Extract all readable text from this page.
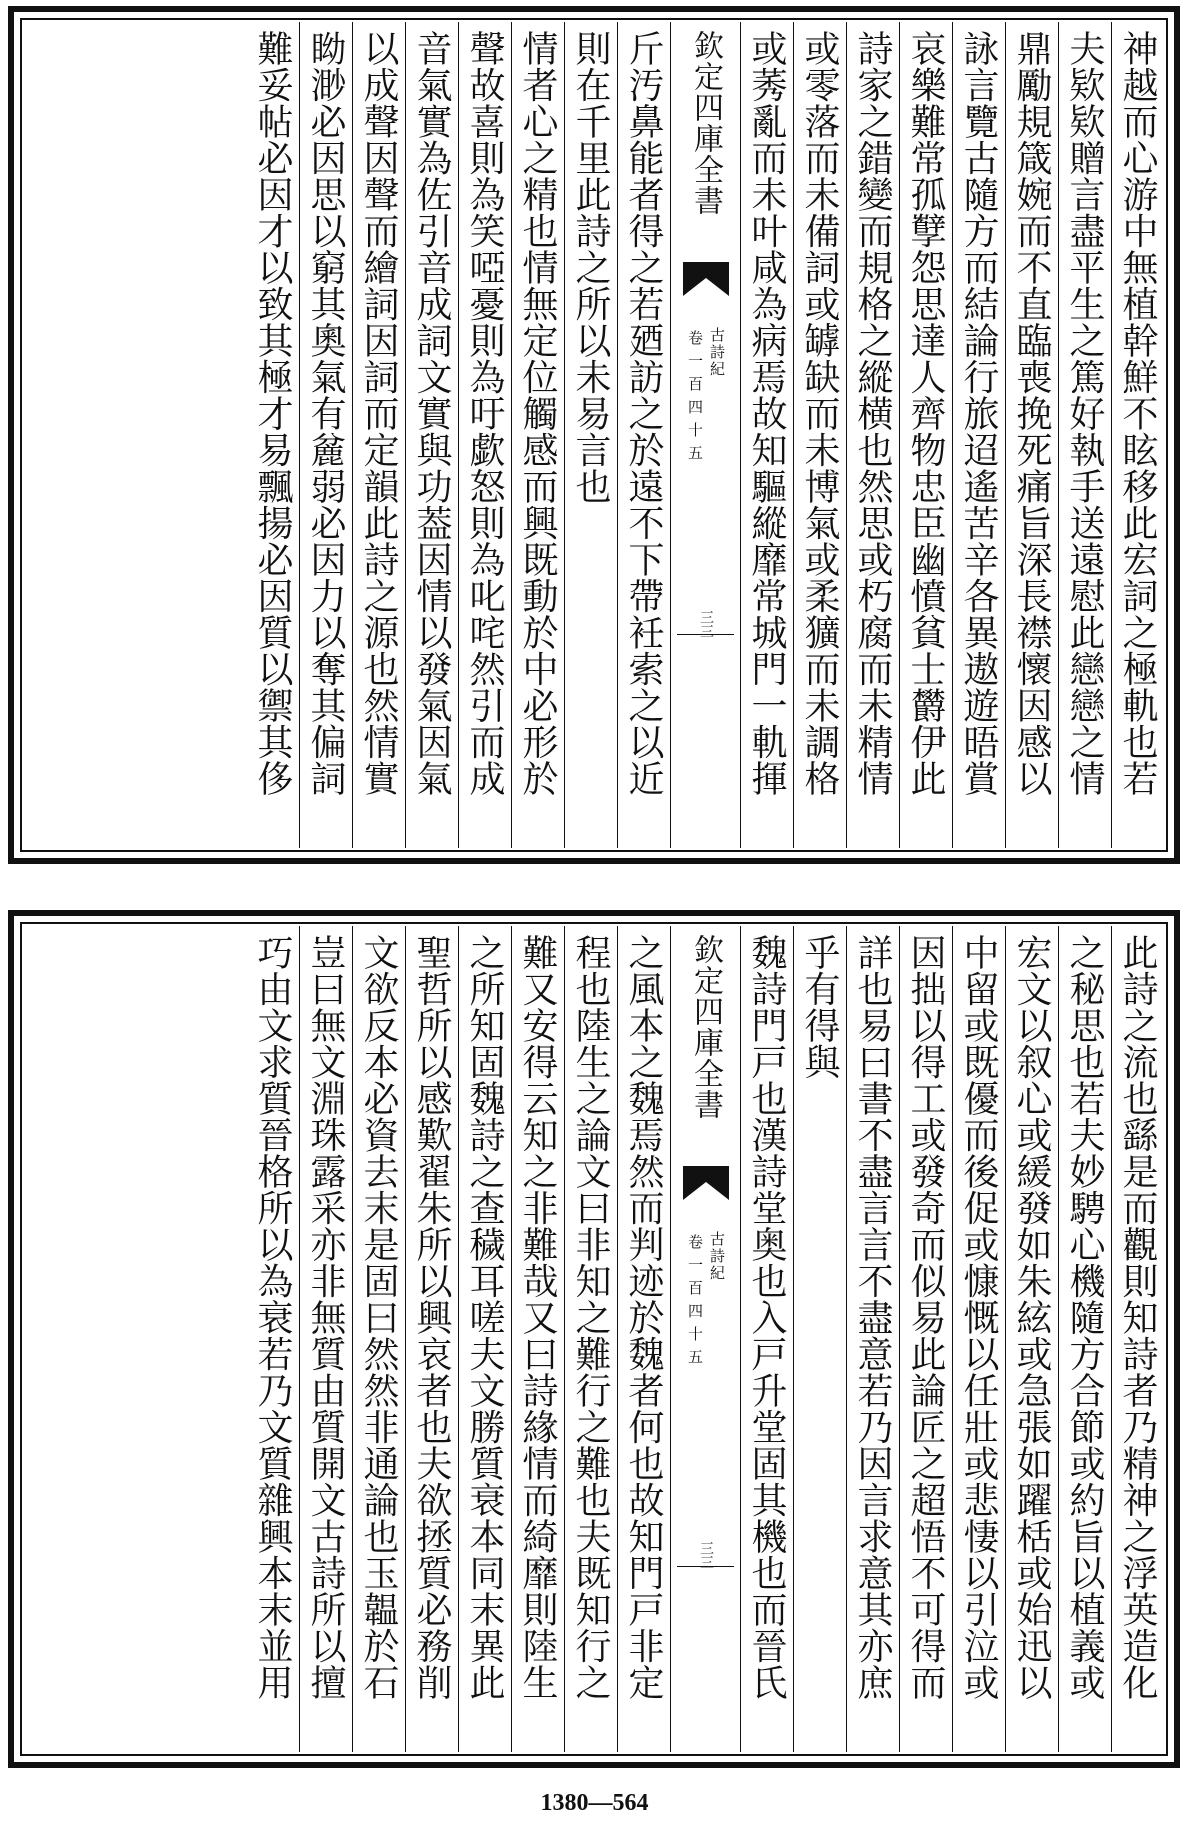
神越而心游中無植幹鮮不眩移此宏詞之極軌也若
夫欵欵贈言盡平生之篤好執手送遠慰此戀戀之情
鼎勵規箴婉而不直臨喪挽死痛旨深長襟懷因感以
詠言覽古隨方而結論行旅迢遙苦辛各異遨遊晤賞
哀樂難常孤孼怨思達人齊物忠臣幽憤貧士欝伊此
詩家之錯變而規格之縱横也然思或朽腐而未精情
或零落而未備詞或罅缺而未博氣或柔獷而未調格
或莠亂而未叶咸為病焉故知驅縱靡常城門一軌揮
欽定四庫全書
古詩紀
卷一百四十五
三三
斤汚鼻能者得之若廼訪之於遠不下帶衽索之以近
則在千里此詩之所以未易言也
情者心之精也情無定位觸感而興既動於中必形於
聲故喜則為笑啞憂則為吁歔怒則為叱咤然引而成
音氣實為佐引音成詞文實與功葢因情以發氣因氣
以成聲因聲而繪詞因詞而定韻此詩之源也然情實
眑渺必因思以窮其奧氣有麄弱必因力以奪其偏詞
難妥帖必因才以致其極才易飄揚必因質以禦其侈
此詩之流也繇是而觀則知詩者乃精神之浮英造化
之秘思也若夫妙騁心機隨方合節或約旨以植義或
宏文以叙心或緩發如朱絃或急張如躍栝或始迅以
中留或既優而後促或慷慨以任壯或悲悽以引泣或
因拙以得工或發奇而似易此論匠之超悟不可得而
詳也易曰書不盡言言不盡意若乃因言求意其亦庶
乎有得與
魏詩門戸也漢詩堂奥也入戸升堂固其機也而晉氏
欽定四庫全書
古詩紀
卷一百四十五
三三
之風本之魏焉然而判迹於魏者何也故知門戸非定
程也陸生之論文曰非知之難行之難也夫既知行之
難又安得云知之非難哉又曰詩緣情而綺靡則陸生
之所知固魏詩之查穢耳嗟夫文勝質衰本同末異此
聖哲所以感歎翟朱所以興哀者也夫欲拯質必務削
文欲反本必資去末是固曰然然非通論也玉韞於石
豈曰無文淵珠露采亦非無質由質開文古詩所以擅
巧由文求質晉格所以為衰若乃文質雜興本末並用
1380—564
